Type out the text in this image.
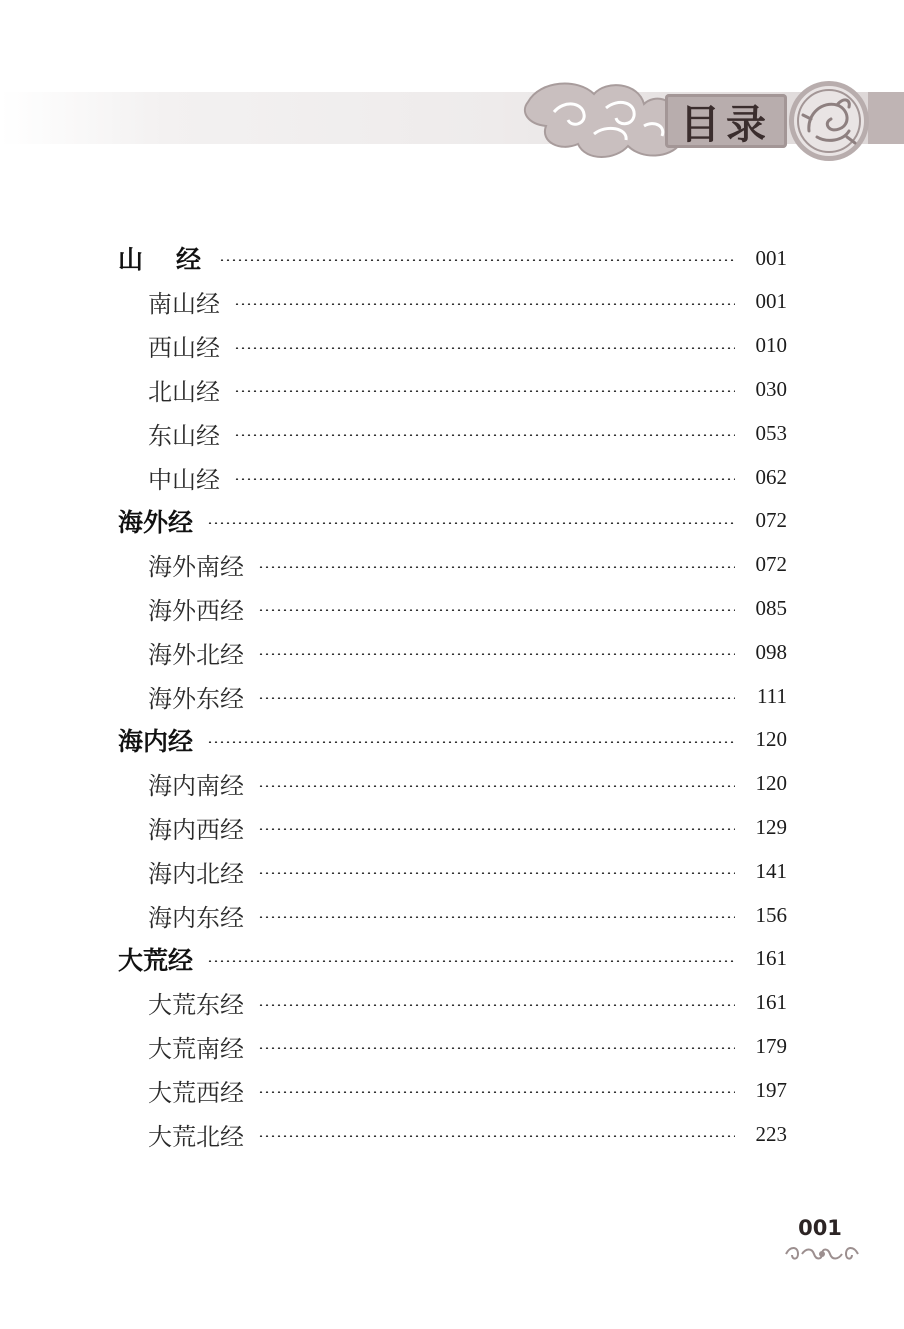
目录
山　经	001
南山经	001
西山经	010
北山经	030
东山经	053
中山经	062
海外经	072
海外南经	072
海外西经	085
海外北经	098
海外东经	111
海内经	120
海内南经	120
海内西经	129
海内北经	141
海内东经	156
大荒经	161
大荒东经	161
大荒南经	179
大荒西经	197
大荒北经	223
001
